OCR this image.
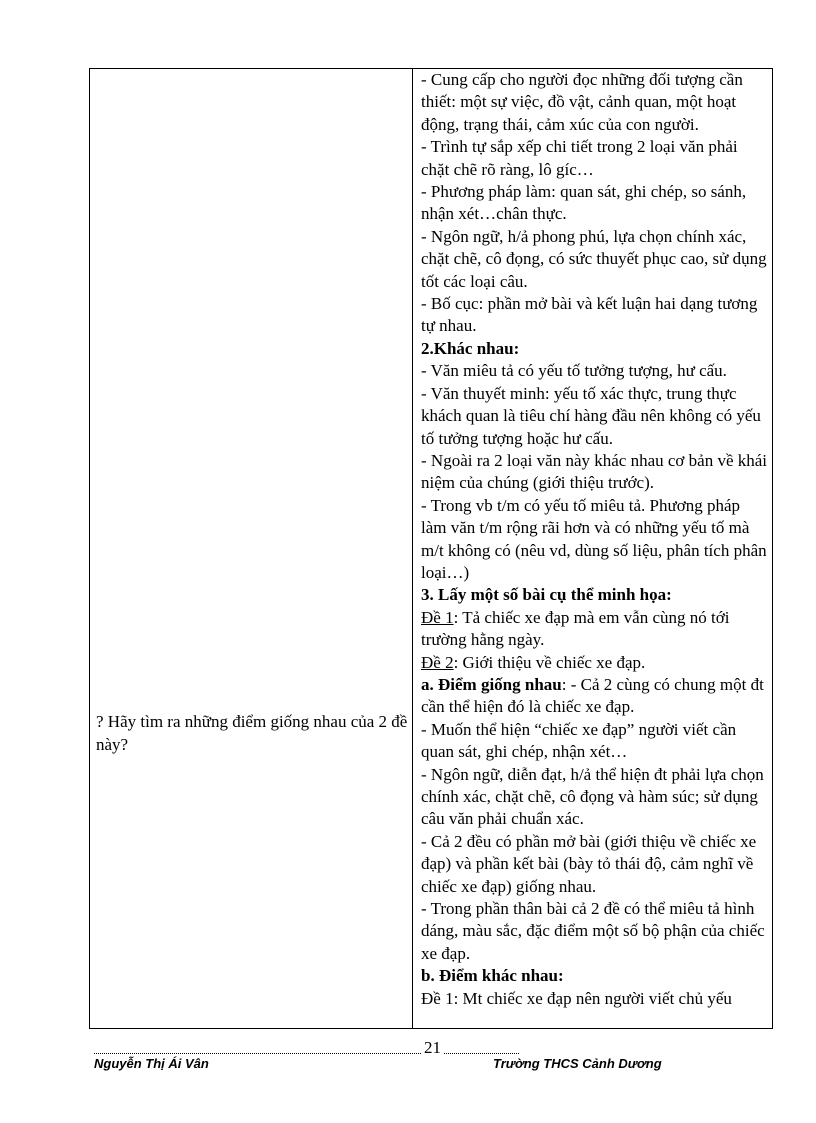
? Hãy tìm ra những điểm giống nhau của 2 đề này?

- Cung cấp cho người đọc những đối tượng cần thiết: một sự việc, đồ vật, cảnh quan, một hoạt động, trạng thái, cảm xúc của con người.

- Trình tự sắp xếp chi tiết trong 2 loại văn phải chặt chẽ rõ ràng, lô gíc…

- Phương pháp làm: quan sát, ghi chép, so sánh, nhận xét…chân thực.

- Ngôn ngữ, h/ả phong phú, lựa chọn chính xác, chặt chẽ, cô đọng, có sức thuyết phục cao, sử dụng tốt các loại câu.

- Bố cục: phần mở bài và kết luận hai dạng tương tự nhau.

2.Khác nhau:

- Văn miêu tả có yếu tố tưởng tượng, hư cấu.

- Văn thuyết minh: yếu tố xác thực, trung thực khách quan là tiêu chí hàng đầu nên không có yếu tố tưởng tượng hoặc hư cấu.

- Ngoài ra 2 loại văn này khác nhau cơ bản về khái niệm của chúng (giới thiệu trước).

- Trong vb t/m có yếu tố miêu tả. Phương pháp làm văn t/m rộng rãi hơn và có những yếu tố mà m/t không có (nêu vd, dùng số liệu, phân tích phân loại…)

3. Lấy một số bài cụ thể minh họa:

Đề 1: Tả chiếc xe đạp mà em vẫn cùng nó tới trường hằng ngày.

Đề 2: Giới thiệu về chiếc xe đạp.

a. Điểm giống nhau: - Cả 2 cùng có chung một đt cần thể hiện đó là chiếc xe đạp.

- Muốn thể hiện “chiếc xe đạp” người viết cần quan sát, ghi chép, nhận xét…

- Ngôn ngữ, diễn đạt, h/ả thể hiện đt phải lựa chọn chính xác, chặt chẽ, cô đọng và hàm súc; sử dụng câu văn phải chuẩn xác.

- Cả 2 đều có phần mở bài (giới thiệu về chiếc xe đạp) và phần kết bài (bày tỏ thái độ, cảm nghĩ về chiếc xe đạp) giống nhau.

- Trong phần thân bài cả 2 đề có thể miêu tả hình dáng, màu sắc, đặc điểm một số bộ phận của chiếc xe đạp.

b. Điểm khác nhau:

Đề 1: Mt chiếc xe đạp nên người viết chủ yếu

21
Nguyễn Thị Ái Vân	Trường THCS Cảnh Dương
